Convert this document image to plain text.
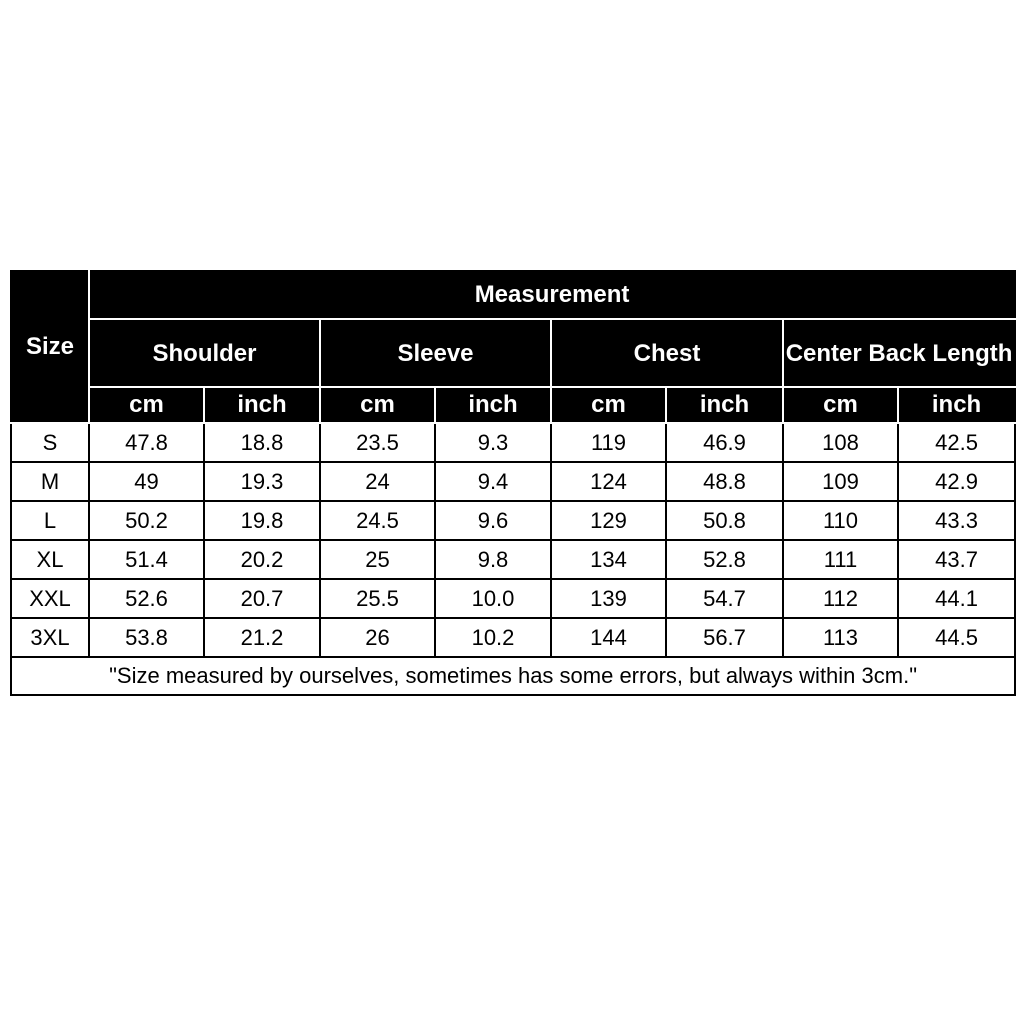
Size	Measurement							
	Shoulder		Sleeve		Chest		Center Back Length	
	cm	inch	cm	inch	cm	inch	cm	inch
S	47.8	18.8	23.5	9.3	119	46.9	108	42.5
M	49	19.3	24	9.4	124	48.8	109	42.9
L	50.2	19.8	24.5	9.6	129	50.8	110	43.3
XL	51.4	20.2	25	9.8	134	52.8	111	43.7
XXL	52.6	20.7	25.5	10.0	139	54.7	112	44.1
3XL	53.8	21.2	26	10.2	144	56.7	113	44.5
"Size measured by ourselves, sometimes has some errors, but always within 3cm."								
